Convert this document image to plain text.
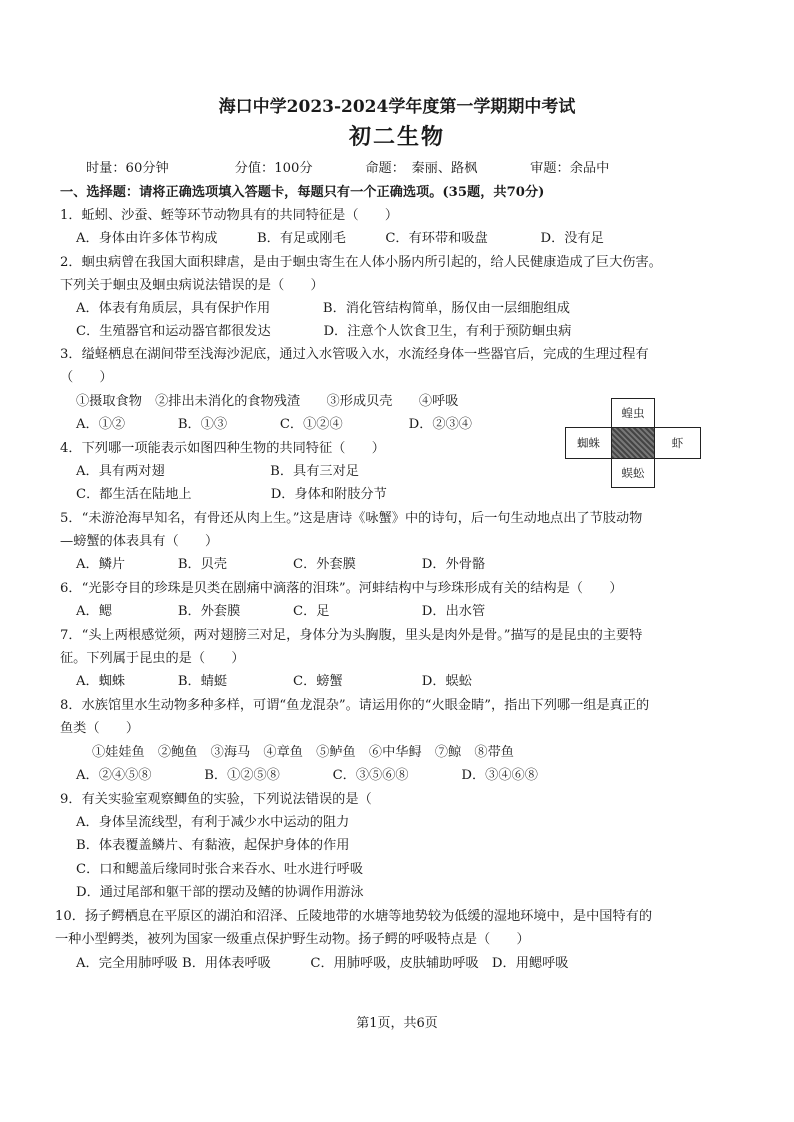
海口中学2023-2024学年度第一学期期中考试
初二生物
时量：60分钟　　　　　分值：100分　　　　命题：　秦丽、路枫　　　　审题：余品中
一、选择题：请将正确选项填入答题卡，每题只有一个正确选项。(35题，共70分)
1．蚯蚓、沙蚕、蛭等环节动物具有的共同特征是（　　）
A．身体由许多体节构成　　　B．有足或刚毛　　　C．有环带和吸盘　　　　D．没有足
2．蛔虫病曾在我国大面积肆虐，是由于蛔虫寄生在人体小肠内所引起的，给人民健康造成了巨大伤害。
下列关于蛔虫及蛔虫病说法错误的是（　　）
A．体表有角质层，具有保护作用　　　　B．消化管结构简单，肠仅由一层细胞组成
C．生殖器官和运动器官都很发达　　　　D．注意个人饮食卫生，有利于预防蛔虫病
3．缢蛏栖息在湖间带至浅海沙泥底，通过入水管吸入水，水流经身体一些器官后，完成的生理过程有
（　　）
①摄取食物　②排出未消化的食物残渣　　③形成贝壳　　④呼吸
A．①②　　　　B．①③　　　　C．①②④　　　　　D．②③④
4．下列哪一项能表示如图四种生物的共同特征（　　）
A．具有两对翅　　　　　　　　B．具有三对足
C．都生活在陆地上　　　　　　D．身体和附肢分节
5．“未游沧海早知名，有骨还从肉上生。”这是唐诗《咏蟹》中的诗句，后一句生动地点出了节肢动物
—螃蟹的体表具有（　　）
A．鳞片　　　　B．贝壳　　　　　C．外套膜　　　　　D．外骨骼
6．“光影夺目的珍珠是贝类在剧痛中滴落的泪珠”。河蚌结构中与珍珠形成有关的结构是（　　）
A．鳃　　　　　B．外套膜　　　　C．足　　　　　　　D．出水管
7．“头上两根感觉须，两对翅膀三对足，身体分为头胸腹，里头是肉外是骨。”描写的是昆虫的主要特
征。下列属于昆虫的是（　　）
A．蜘蛛　　　　B．蜻蜓　　　　　C．螃蟹　　　　　　D．蜈蚣
8．水族馆里水生动物多种多样，可谓“鱼龙混杂”。请运用你的“火眼金睛”，指出下列哪一组是真正的
鱼类（　　）
①娃娃鱼　②鲍鱼　③海马　④章鱼　⑤鲈鱼　⑥中华鲟　⑦鲸　⑧带鱼
A．②④⑤⑧　　　　B．①②⑤⑧　　　　C．③⑤⑥⑧　　　　D．③④⑥⑧
9．有关实验室观察鲫鱼的实验，下列说法错误的是（
A．身体呈流线型，有利于减少水中运动的阻力
B．体表覆盖鳞片、有黏液，起保护身体的作用
C．口和鳃盖后缘同时张合来吞水、吐水进行呼吸
D．通过尾部和躯干部的摆动及鳍的协调作用游泳
10．扬子鳄栖息在平原区的湖泊和沼泽、丘陵地带的水塘等地势较为低缓的湿地环境中，是中国特有的
一种小型鳄类，被列为国家一级重点保护野生动物。扬子鳄的呼吸特点是（　　）
A．完全用肺呼吸 B．用体表呼吸　　　C．用肺呼吸，皮肤辅助呼吸　D．用鳃呼吸
蝗虫
蜘蛛	虾
蜈蚣
第1页，共6页
